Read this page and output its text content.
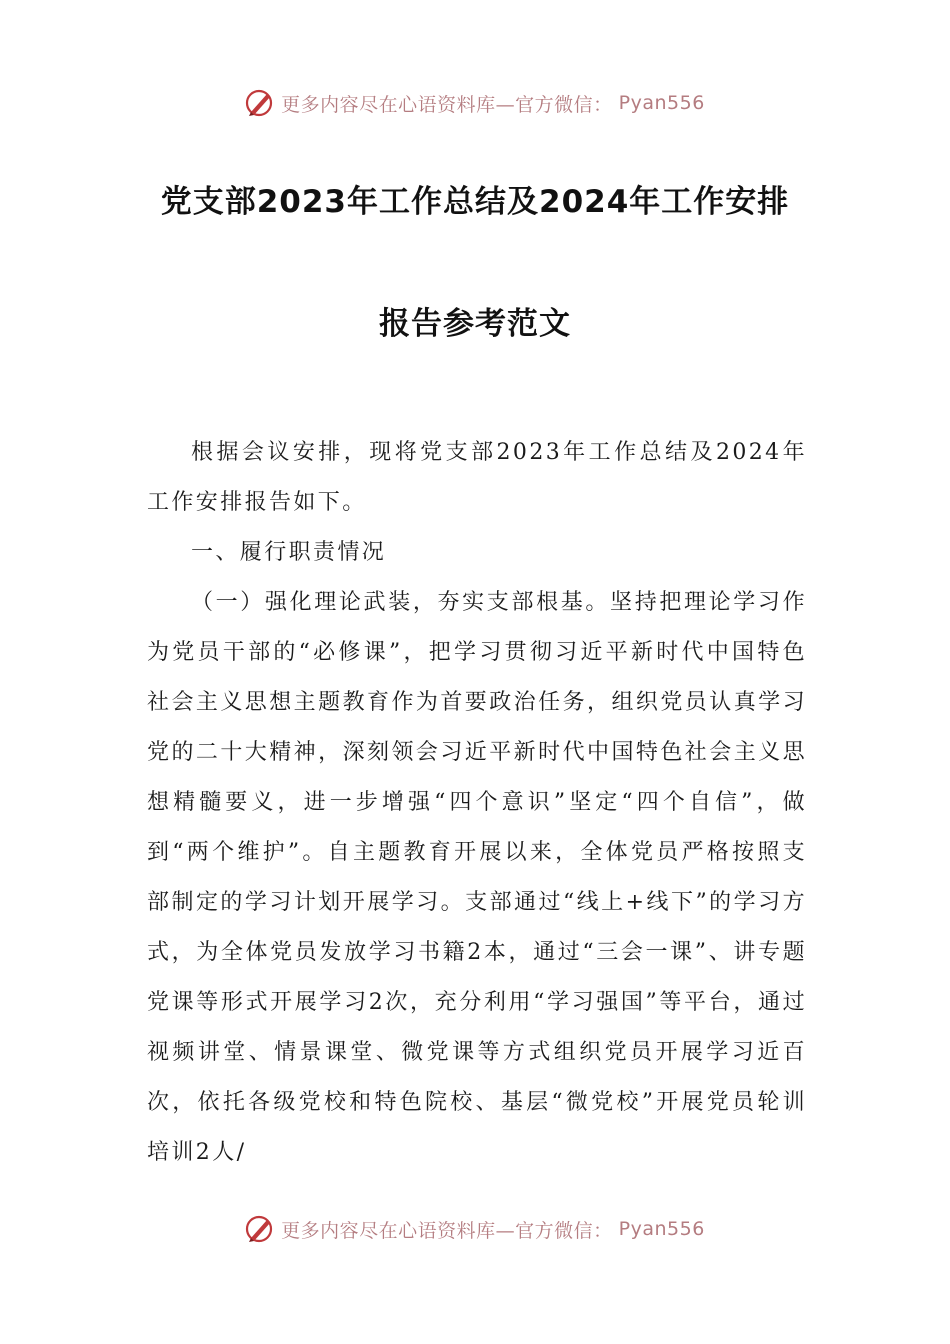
更多内容尽在心语资料库—官方微信： Pyan556
党支部2023年工作总结及2024年工作安排
报告参考范文

根据会议安排，现将党支部2023年工作总结及2024年工作安排报告如下。

一、履行职责情况

（一）强化理论武装，夯实支部根基。坚持把理论学习作为党员干部的“必修课”，把学习贯彻习近平新时代中国特色社会主义思想主题教育作为首要政治任务，组织党员认真学习党的二十大精神，深刻领会习近平新时代中国特色社会主义思想精髓要义，进一步增强“四个意识”坚定“四个自信”，做到“两个维护”。自主题教育开展以来，全体党员严格按照支部制定的学习计划开展学习。支部通过“线上+线下”的学习方式，为全体党员发放学习书籍2本，通过“三会一课”、讲专题党课等形式开展学习2次，充分利用“学习强国”等平台，通过视频讲堂、情景课堂、微党课等方式组织党员开展学习近百次，依托各级党校和特色院校、基层“微党校”开展党员轮训培训2人/

更多内容尽在心语资料库—官方微信： Pyan556
